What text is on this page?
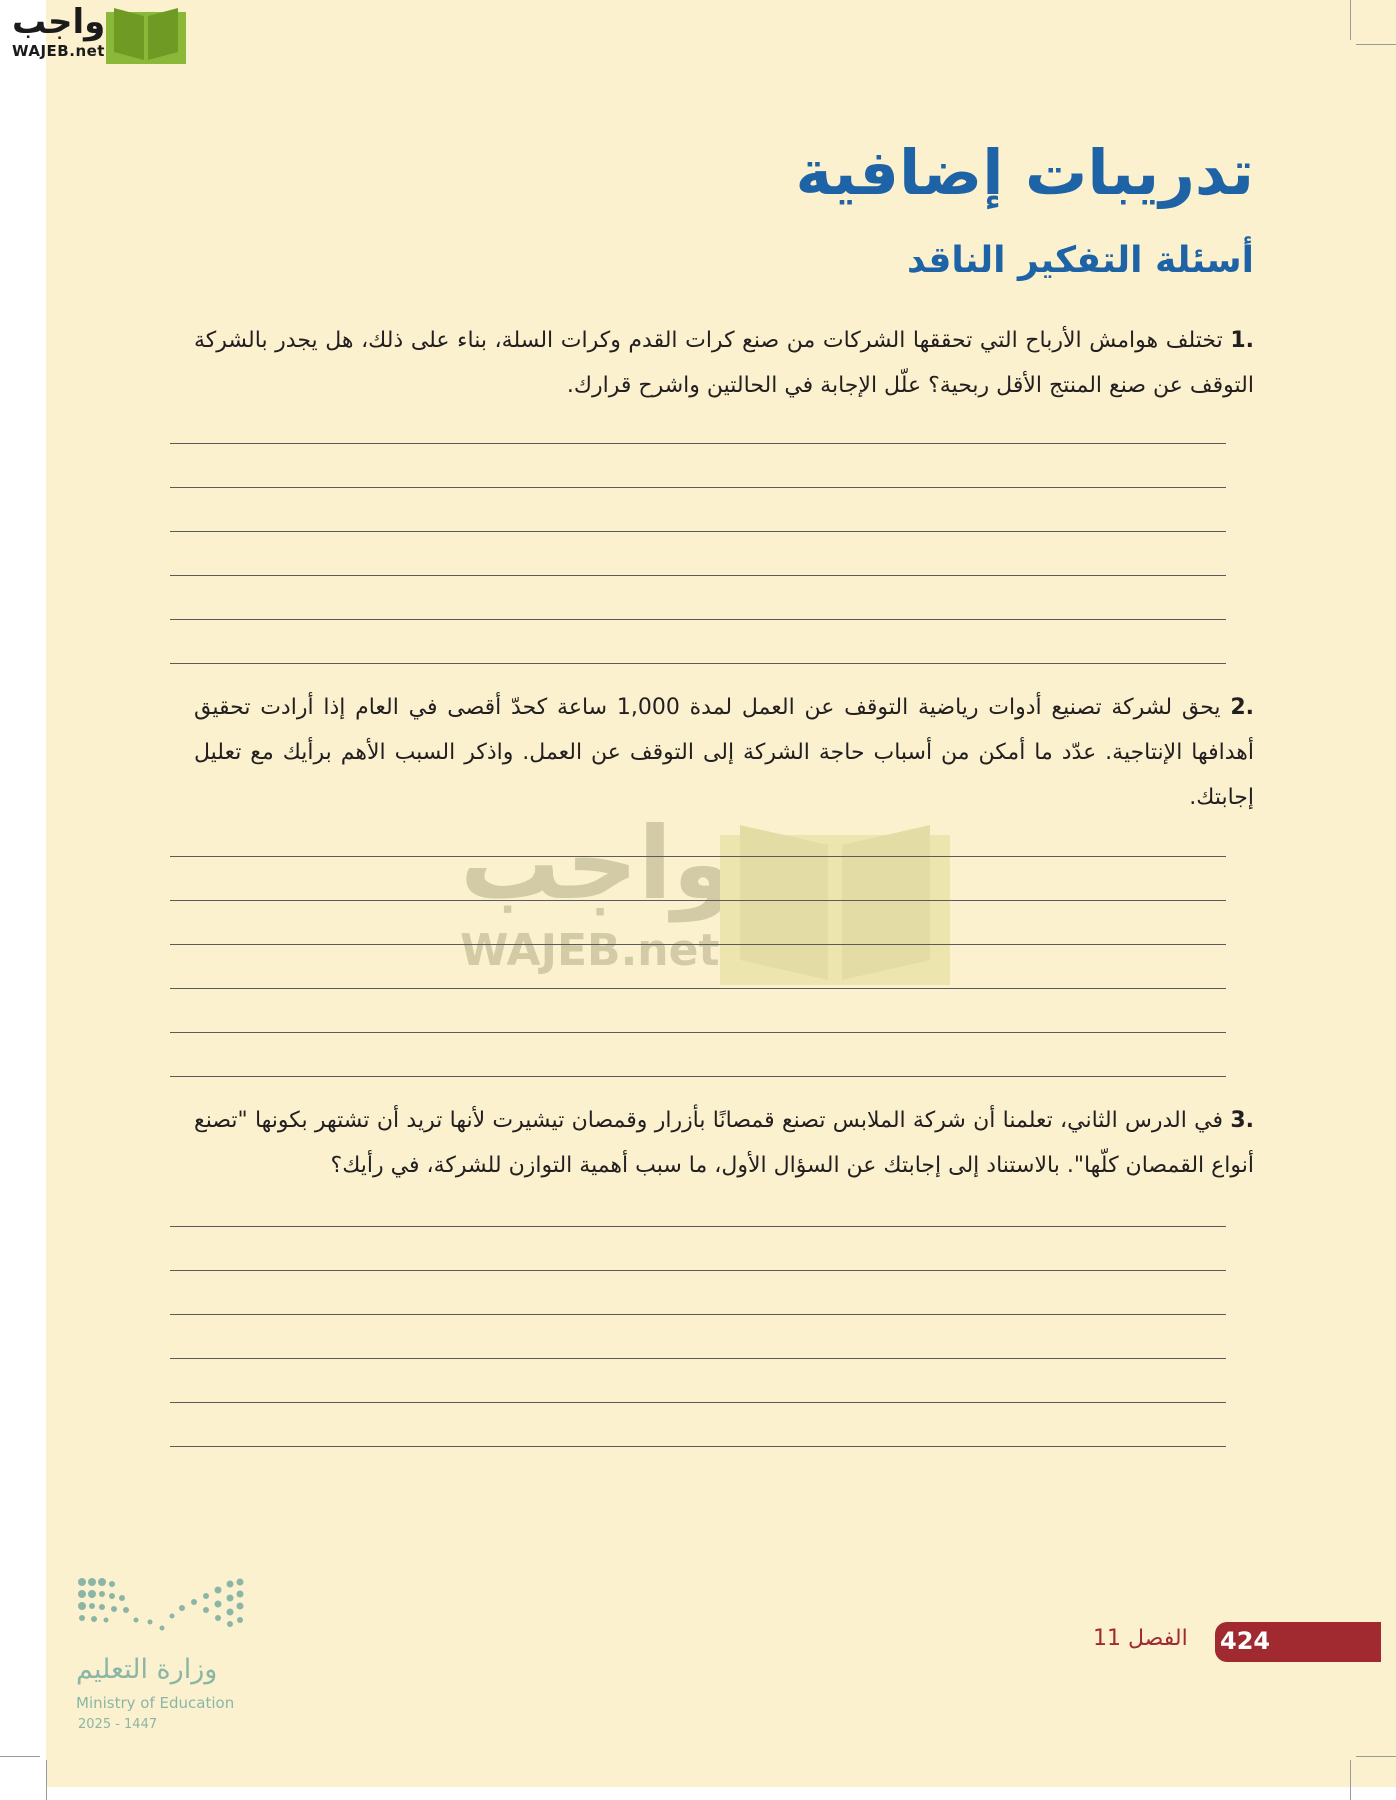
واجب
WAJEB.net
تدريبات إضافية
أسئلة التفكير الناقد
واجب
WAJEB.net
1. تختلف هوامش الأرباح التي تحققها الشركات من صنع كرات القدم وكرات السلة، بناء على ذلك، هل يجدر بالشركة التوقف عن صنع المنتج الأقل ربحية؟ علّل الإجابة في الحالتين واشرح قرارك.
2. يحق لشركة تصنيع أدوات رياضية التوقف عن العمل لمدة 1,000 ساعة كحدّ أقصى في العام إذا أرادت تحقيق أهدافها الإنتاجية. عدّد ما أمكن من أسباب حاجة الشركة إلى التوقف عن العمل. واذكر السبب الأهم برأيك مع تعليل إجابتك.
3. في الدرس الثاني، تعلمنا أن شركة الملابس تصنع قمصانًا بأزرار وقمصان تيشيرت لأنها تريد أن تشتهر بكونها "تصنع أنواع القمصان كلّها". بالاستناد إلى إجابتك عن السؤال الأول، ما سبب أهمية التوازن للشركة، في رأيك؟
وزارة التعليم
Ministry of Education
2025 - 1447
الفصل 11 424
